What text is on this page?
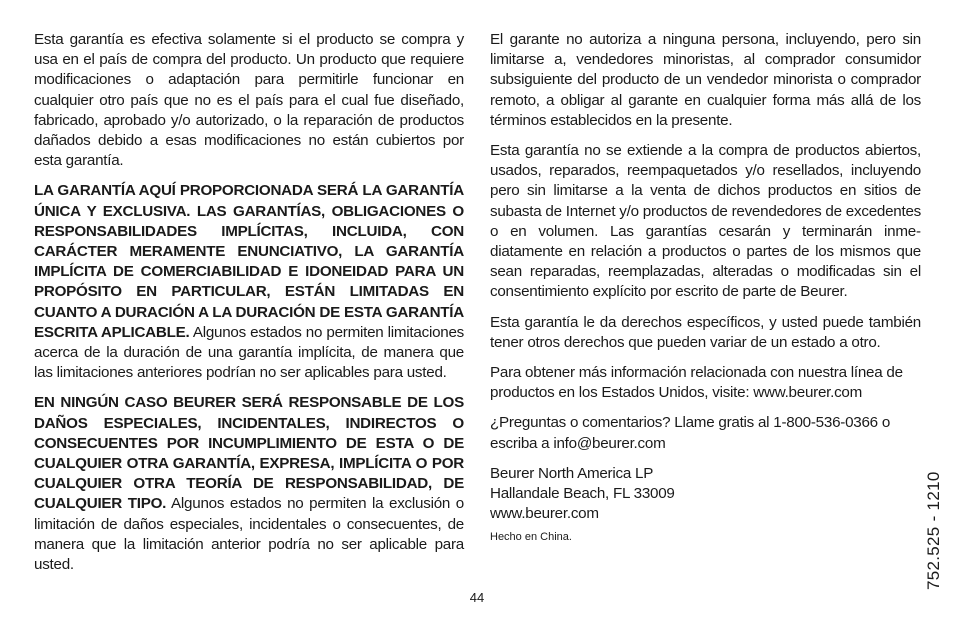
Esta garantía es efectiva solamente si el producto se compra y usa en el país de compra del producto. Un producto que requiere modificaciones o adaptación para permitirle funcionar en cualquier otro país que no es el país para el cual fue diseñado, fabricado, aprobado y/o autorizado, o la reparación de productos dañados debido a esas modificaciones no están cubiertos por esta garantía.

LA GARANTÍA AQUÍ PROPORCIONADA SERÁ LA GARANTÍA ÚNICA Y EXCLUSIVA. LAS GARANTÍAS, OBLIGACIONES O RESPONSABILIDADES IMPLÍCITAS, INCLUIDA, CON CARÁCTER MERAMENTE ENUNCIATIVO, LA GARANTÍA IMPLÍCITA DE COMERCIABILIDAD E IDONEIDAD PARA UN PROPÓSITO EN PARTICULAR, ESTÁN LIMITADAS EN CUANTO A DURACIÓN A LA DURACIÓN DE ESTA GARANTÍA ESCRITA APLICABLE. Algunos estados no permiten limitaciones acerca de la duración de una garantía implícita, de manera que las limitaciones anteriores podrían no ser aplicables para usted.

EN NINGÚN CASO BEURER SERÁ RESPONSABLE DE LOS DAÑOS ESPECIALES, INCIDENTALES, INDIRECTOS O CONSECUENTES POR INCUMPLIMIENTO DE ESTA O DE CUALQUIER OTRA GARANTÍA, EXPRESA, IMPLÍCITA O POR CUALQUIER OTRA TEORÍA DE RESPONSABILIDAD, DE CUALQUIER TIPO. Algunos estados no permiten la exclusión o limitación de daños especiales, incidentales o consecuentes, de manera que la limitación anterior podría no ser aplicable para usted.

El garante no autoriza a ninguna persona, incluyendo, pero sin limitarse a, vendedores minoristas, al comprador consumidor subsiguiente del producto de un vendedor minorista o comprador remoto, a obligar al garante en cualquier forma más allá de los términos establecidos en la presente.

Esta garantía no se extiende a la compra de productos abiertos, usados, reparados, reempaquetados y/o resellados, incluyendo pero sin limitarse a la venta de dichos productos en sitios de subasta de Internet y/o productos de revendedores de excedentes o en volumen. Las garantías cesarán y terminarán inmediatamente en relación a productos o partes de los mismos que sean reparadas, reemplazadas, alteradas o modificadas sin el consentimiento explícito por escrito de parte de Beurer.

Esta garantía le da derechos específicos, y usted puede también tener otros derechos que pueden variar de un estado a otro.

Para obtener más información relacionada con nuestra línea de productos en los Estados Unidos, visite: www.beurer.com

¿Preguntas o comentarios? Llame gratis al 1-800-536-0366 o escriba a info@beurer.com

Beurer North America LP
Hallandale Beach, FL 33009
www.beurer.com

Hecho en China.

44
752.525 - 1210
